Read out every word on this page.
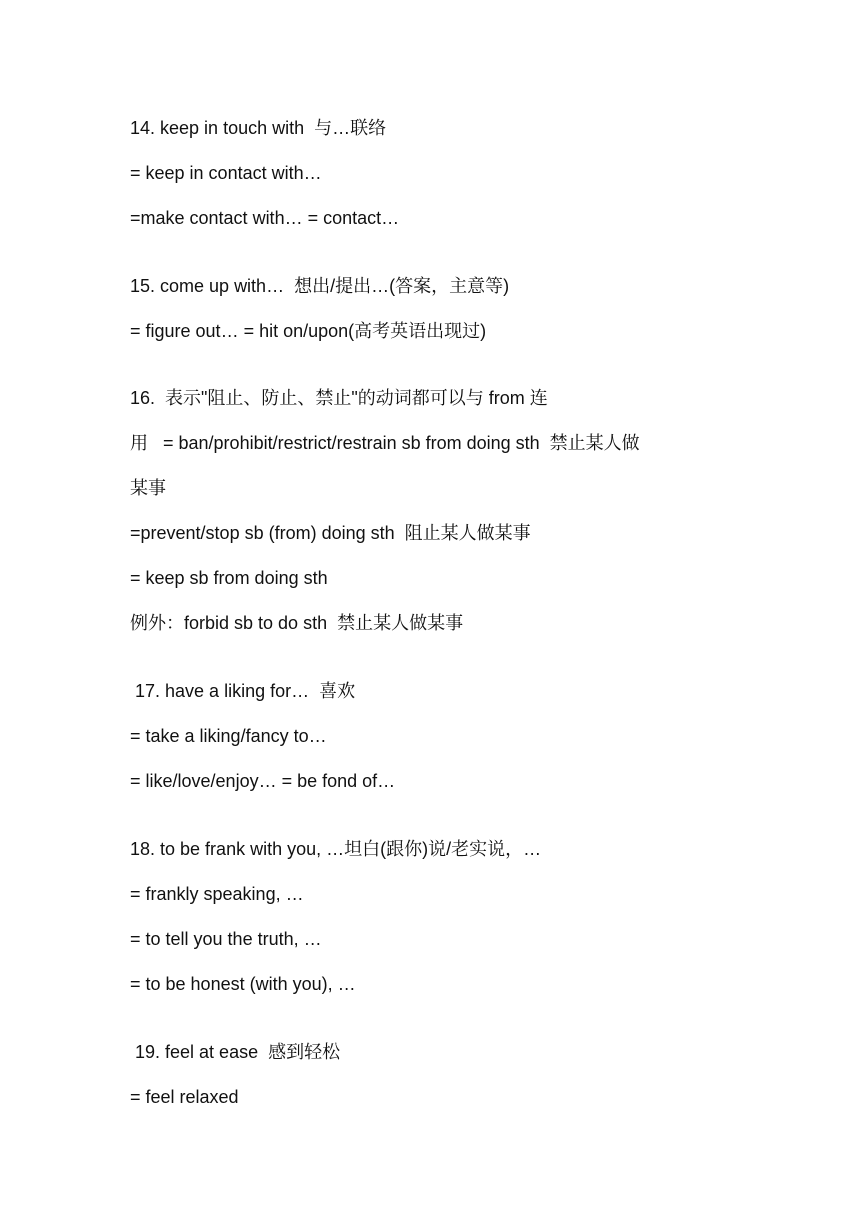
14. keep in touch with  与…联络
= keep in contact with…
=make contact with… = contact…
15. come up with…  想出/提出…(答案，主意等)
= figure out… = hit on/upon(高考英语出现过)
16.  表示"阻止、防止、禁止"的动词都可以与 from 连
用   = ban/prohibit/restrict/restrain sb from doing sth  禁止某人做
某事
=prevent/stop sb (from) doing sth  阻止某人做某事
= keep sb from doing sth
例外：forbid sb to do sth  禁止某人做某事
17. have a liking for…  喜欢
= take a liking/fancy to…
= like/love/enjoy… = be fond of…
18. to be frank with you, …坦白(跟你)说/老实说，…
= frankly speaking, …
= to tell you the truth, …
= to be honest (with you), …
19. feel at ease  感到轻松
= feel relaxed
